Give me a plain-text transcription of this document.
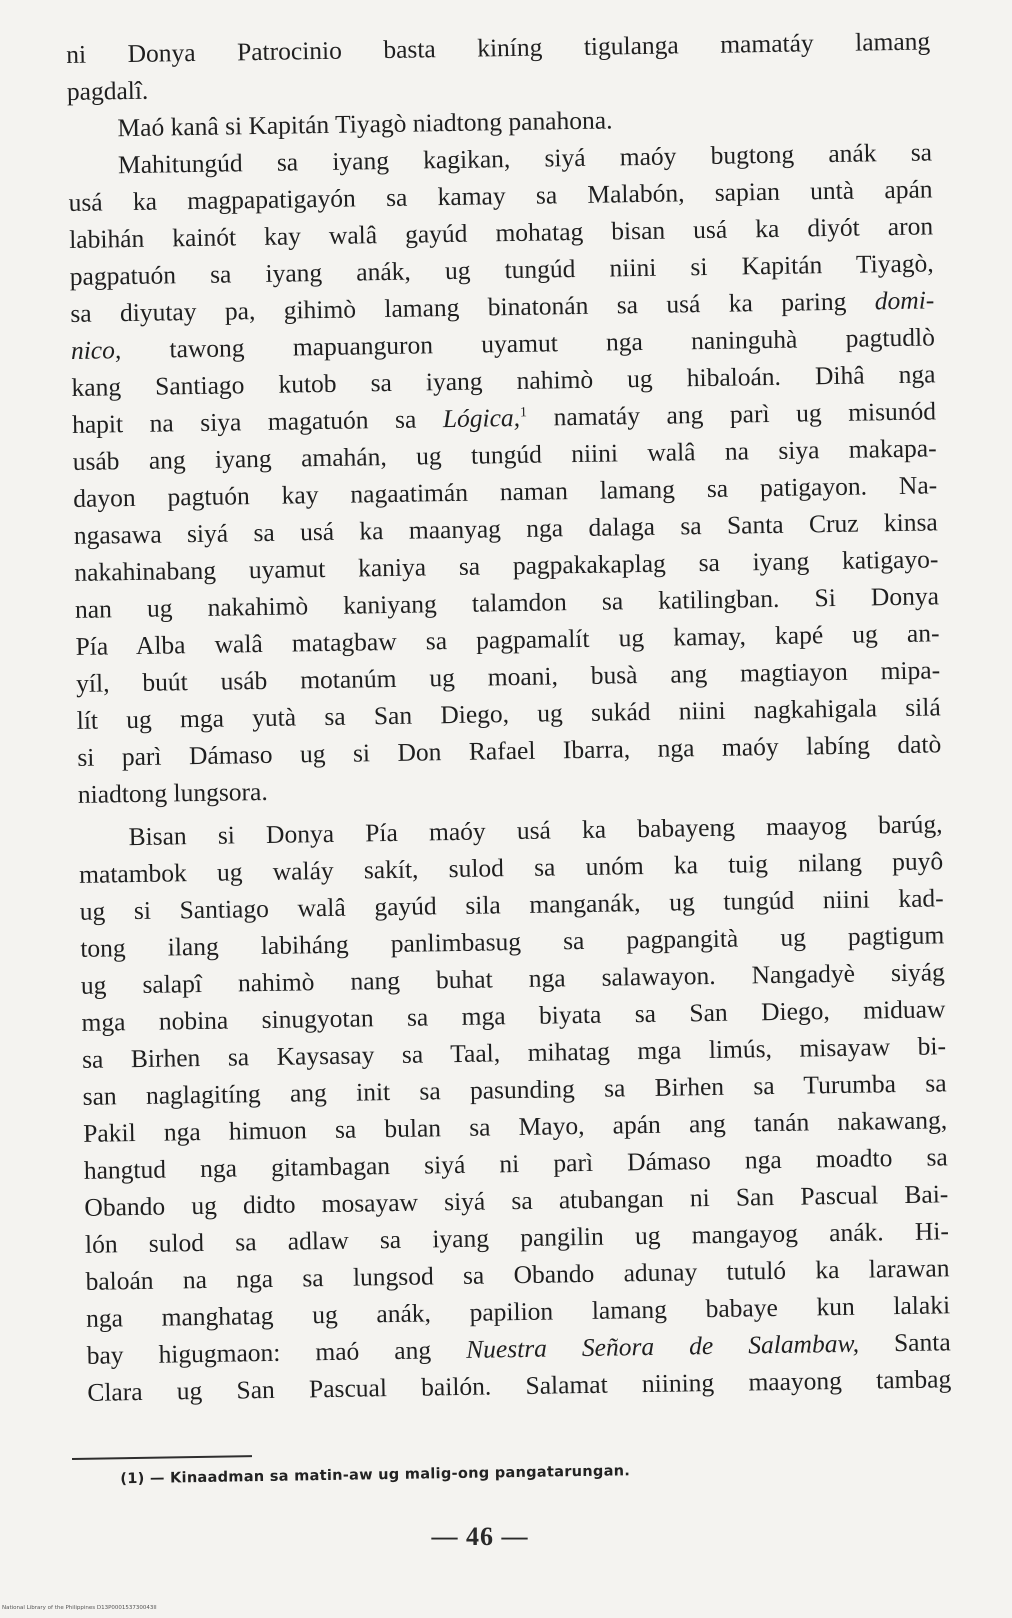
ni Donya Patrocinio basta kiníng tigulanga mamatáy lamang
pagdalî.
Maó kanâ si Kapitán Tiyagò niadtong panahona.
Mahitungúd sa iyang kagikan, siyá maóy bugtong anák sa
usá ka magpapatigayón sa kamay sa Malabón, sapian untà apán
labihán kainót kay walâ gayúd mohatag bisan usá ka diyót aron
pagpatuón sa iyang anák, ug tungúd niini si Kapitán Tiyagò,
sa diyutay pa, gihimò lamang binatonán sa usá ka paring domi-
nico, tawong mapuanguron uyamut nga naninguhà pagtudlò
kang Santiago kutob sa iyang nahimò ug hibaloán. Dihâ nga
hapit na siya magatuón sa Lógica,$^1$ namatáy ang parì ug misunód
usáb ang iyang amahán, ug tungúd niini walâ na siya makapa-
dayon pagtuón kay nagaatimán naman lamang sa patigayon. Na-
ngasawa siyá sa usá ka maanyag nga dalaga sa Santa Cruz kinsa
nakahinabang uyamut kaniya sa pagpakakaplag sa iyang katigayo-
nan ug nakahimò kaniyang talamdon sa katilingban. Si Donya
Pía Alba walâ matagbaw sa pagpamalít ug kamay, kapé ug an-
yíl, buút usáb motanúm ug moani, busà ang magtiayon mipa-
lít ug mga yutà sa San Diego, ug sukád niini nagkahigala silá
si parì Dámaso ug si Don Rafael Ibarra, nga maóy labíng datò
niadtong lungsora.
Bisan si Donya Pía maóy usá ka babayeng maayog barúg,
matambok ug waláy sakít, sulod sa unóm ka tuig nilang puyô
ug si Santiago walâ gayúd sila manganák, ug tungúd niini kad-
tong ilang labiháng panlimbasug sa pagpangità ug pagtigum
ug salapî nahimò nang buhat nga salawayon. Nangadyè siyág
mga nobina sinugyotan sa mga biyata sa San Diego, miduaw
sa Birhen sa Kaysasay sa Taal, mihatag mga limús, misayaw bi-
san naglagitíng ang init sa pasunding sa Birhen sa Turumba sa
Pakil nga himuon sa bulan sa Mayo, apán ang tanán nakawang,
hangtud nga gitambagan siyá ni parì Dámaso nga moadto sa
Obando ug didto mosayaw siyá sa atubangan ni San Pascual Bai-
lón sulod sa adlaw sa iyang pangilin ug mangayog anák. Hi-
baloán na nga sa lungsod sa Obando adunay tutuló ka larawan
nga manghatag ug anák, papilion lamang babaye kun lalaki
bay higugmaon: maó ang Nuestra Señora de Salambaw, Santa
Clara ug San Pascual bailón. Salamat niining maayong tambag
(1) — Kinaadman sa matin-aw ug malig-ong pangatarungan.
— 46 —
National Library of the Philippines D13P000153730043II
